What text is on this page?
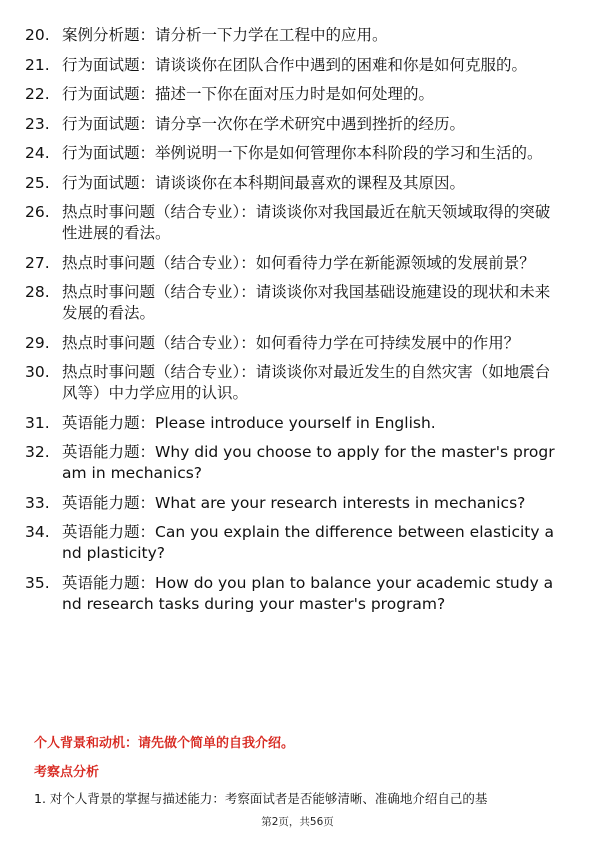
20. 案例分析题：请分析一下力学在工程中的应用。
21. 行为面试题：请谈谈你在团队合作中遇到的困难和你是如何克服的。
22. 行为面试题：描述一下你在面对压力时是如何处理的。
23. 行为面试题：请分享一次你在学术研究中遇到挫折的经历。
24. 行为面试题：举例说明一下你是如何管理你本科阶段的学习和生活的。
25. 行为面试题：请谈谈你在本科期间最喜欢的课程及其原因。
26. 热点时事问题（结合专业）：请谈谈你对我国最近在航天领域取得的突破性进展的看法。
27. 热点时事问题（结合专业）：如何看待力学在新能源领域的发展前景？
28. 热点时事问题（结合专业）：请谈谈你对我国基础设施建设的现状和未来发展的看法。
29. 热点时事问题（结合专业）：如何看待力学在可持续发展中的作用？
30. 热点时事问题（结合专业）：请谈谈你对最近发生的自然灾害（如地震台风等）中力学应用的认识。
31. 英语能力题：Please introduce yourself in English.
32. 英语能力题：Why did you choose to apply for the master's program in mechanics?
33. 英语能力题：What are your research interests in mechanics?
34. 英语能力题：Can you explain the difference between elasticity and plasticity?
35. 英语能力题：How do you plan to balance your academic study and research tasks during your master's program?
个人背景和动机：请先做个简单的自我介绍。
考察点分析
1. 对个人背景的掌握与描述能力：考察面试者是否能够清晰、准确地介绍自己的基
第2页，共56页
